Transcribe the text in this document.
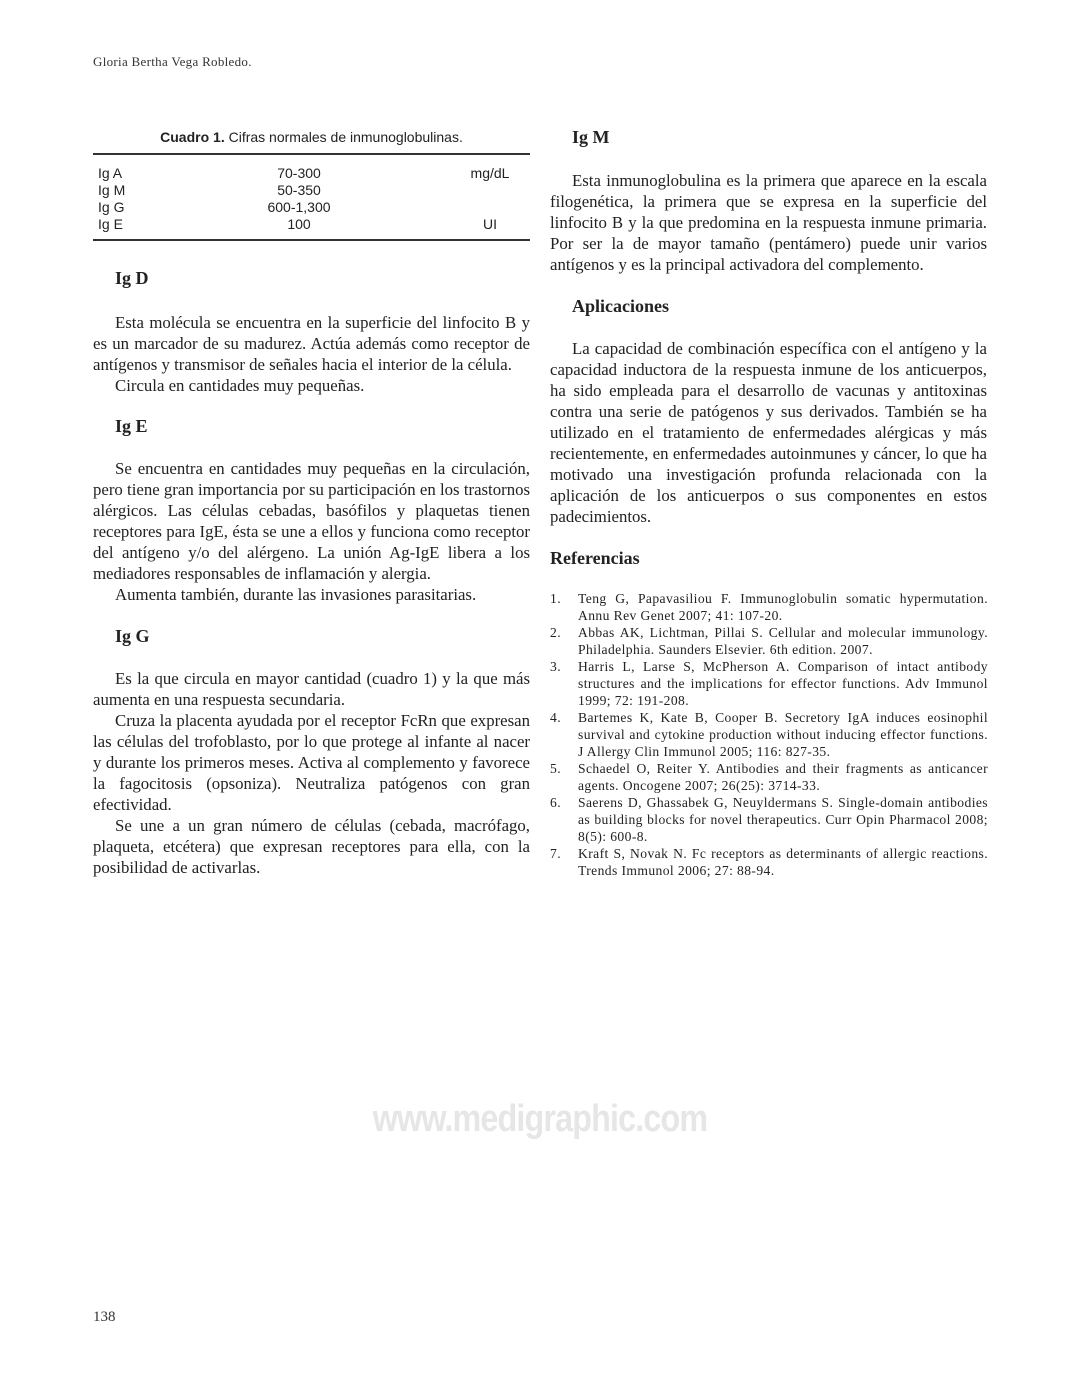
Gloria Bertha Vega Robledo.
Cuadro 1. Cifras normales de inmunoglobulinas.
Ig A	70-300	mg/dL
Ig M	50-350
Ig G	600-1,300
Ig E	100	UI
Ig D

Esta molécula se encuentra en la superficie del linfocito B y es un marcador de su madurez. Actúa además como receptor de antígenos y transmisor de señales hacia el interior de la célula.

Circula en cantidades muy pequeñas.

Ig E

Se encuentra en cantidades muy pequeñas en la circulación, pero tiene gran importancia por su participación en los trastornos alérgicos. Las células cebadas, basófilos y plaquetas tienen receptores para IgE, ésta se une a ellos y funciona como receptor del antígeno y/o del alérgeno. La unión Ag-IgE libera a los mediadores responsables de inflamación y alergia.

Aumenta también, durante las invasiones parasitarias.

Ig G

Es la que circula en mayor cantidad (cuadro 1) y la que más aumenta en una respuesta secundaria.

Cruza la placenta ayudada por el receptor FcRn que expresan las células del trofoblasto, por lo que protege al infante al nacer y durante los primeros meses. Activa al complemento y favorece la fagocitosis (opsoniza). Neutraliza patógenos con gran efectividad.

Se une a un gran número de células (cebada, macrófago, plaqueta, etcétera) que expresan receptores para ella, con la posibilidad de activarlas.

Ig M

Esta inmunoglobulina es la primera que aparece en la escala filogenética, la primera que se expresa en la superficie del linfocito B y la que predomina en la respuesta inmune primaria. Por ser la de mayor tamaño (pentámero) puede unir varios antígenos y es la principal activadora del complemento.

Aplicaciones

La capacidad de combinación específica con el antígeno y la capacidad inductora de la respuesta inmune de los anticuerpos, ha sido empleada para el desarrollo de vacunas y antitoxinas contra una serie de patógenos y sus derivados. También se ha utilizado en el tratamiento de enfermedades alérgicas y más recientemente, en enfermedades autoinmunes y cáncer, lo que ha motivado una investigación profunda relacionada con la aplicación de los anticuerpos o sus componentes en estos padecimientos.

Referencias
1.	Teng G, Papavasiliou F. Immunoglobulin somatic hypermutation. Annu Rev Genet 2007; 41: 107-20.
2.	Abbas AK, Lichtman, Pillai S. Cellular and molecular immunology. Philadelphia. Saunders Elsevier. 6th edition. 2007.
3.	Harris L, Larse S, McPherson A. Comparison of intact antibody structures and the implications for effector functions. Adv Immunol 1999; 72: 191-208.
4.	Bartemes K, Kate B, Cooper B. Secretory IgA induces eosinophil survival and cytokine production without inducing effector functions. J Allergy Clin Immunol 2005; 116: 827-35.
5.	Schaedel O, Reiter Y. Antibodies and their fragments as anticancer agents. Oncogene 2007; 26(25): 3714-33.
6.	Saerens D, Ghassabek G, Neuyldermans S. Single-domain antibodies as building blocks for novel therapeutics. Curr Opin Pharmacol 2008; 8(5): 600-8.
7.	Kraft S, Novak N. Fc receptors as determinants of allergic reactions. Trends Immunol 2006; 27: 88-94.
www.medigraphic.com
138
